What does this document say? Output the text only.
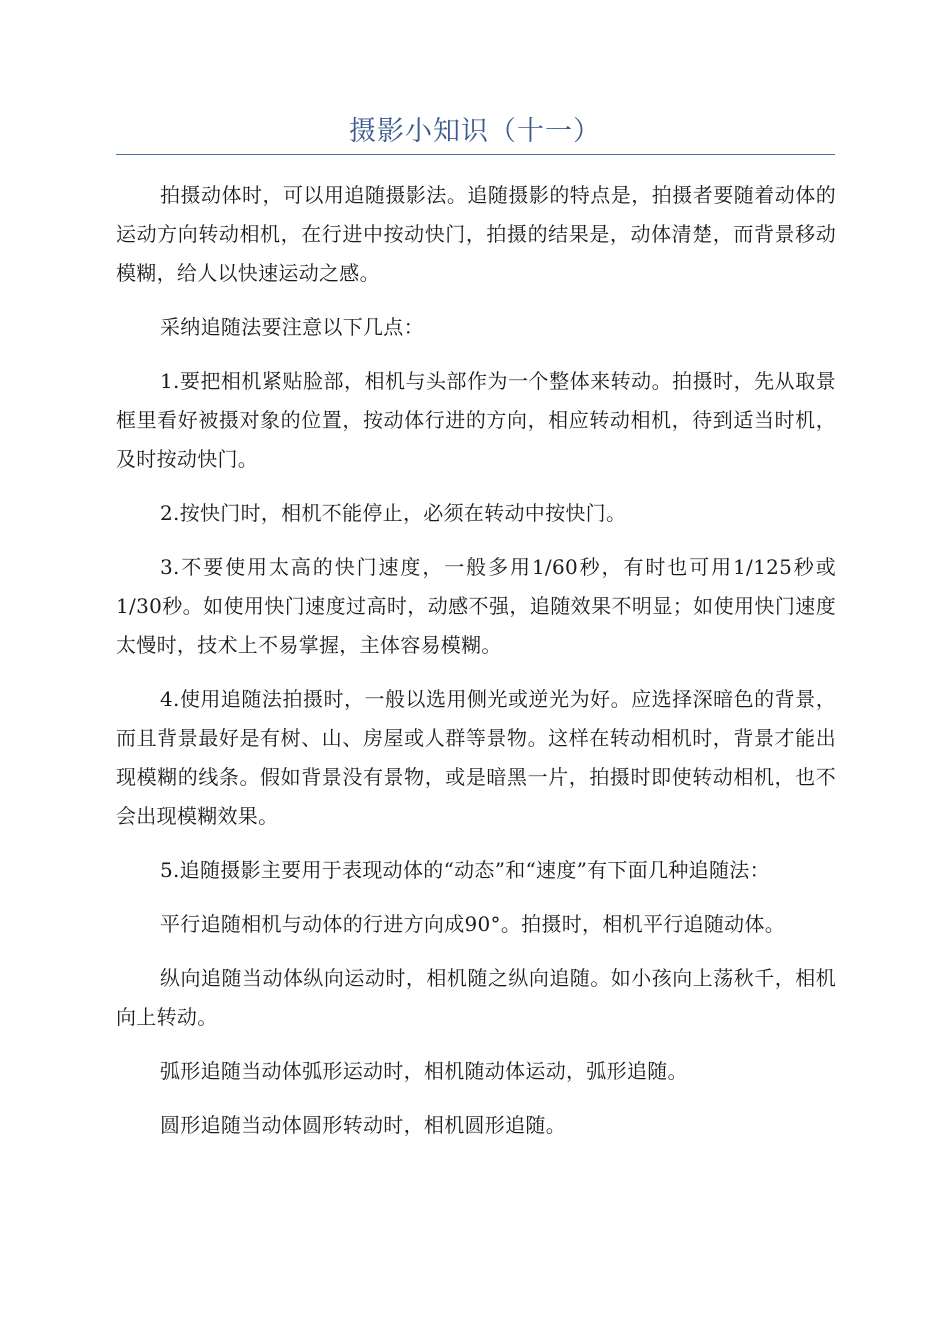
摄影小知识（十一）

拍摄动体时，可以用追随摄影法。追随摄影的特点是，拍摄者要随着动体的运动方向转动相机，在行进中按动快门，拍摄的结果是，动体清楚，而背景移动模糊，给人以快速运动之感。

采纳追随法要注意以下几点：

1.要把相机紧贴脸部，相机与头部作为一个整体来转动。拍摄时，先从取景框里看好被摄对象的位置，按动体行进的方向，相应转动相机，待到适当时机，及时按动快门。

2.按快门时，相机不能停止，必须在转动中按快门。

3.不要使用太高的快门速度，一般多用1/60秒，有时也可用1/125秒或1/30秒。如使用快门速度过高时，动感不强，追随效果不明显；如使用快门速度太慢时，技术上不易掌握，主体容易模糊。

4.使用追随法拍摄时，一般以选用侧光或逆光为好。应选择深暗色的背景，而且背景最好是有树、山、房屋或人群等景物。这样在转动相机时，背景才能出现模糊的线条。假如背景没有景物，或是暗黑一片，拍摄时即使转动相机，也不会出现模糊效果。

5.追随摄影主要用于表现动体的“动态”和“速度”有下面几种追随法：

平行追随相机与动体的行进方向成90°。拍摄时，相机平行追随动体。

纵向追随当动体纵向运动时，相机随之纵向追随。如小孩向上荡秋千，相机向上转动。

弧形追随当动体弧形运动时，相机随动体运动，弧形追随。

圆形追随当动体圆形转动时，相机圆形追随。
